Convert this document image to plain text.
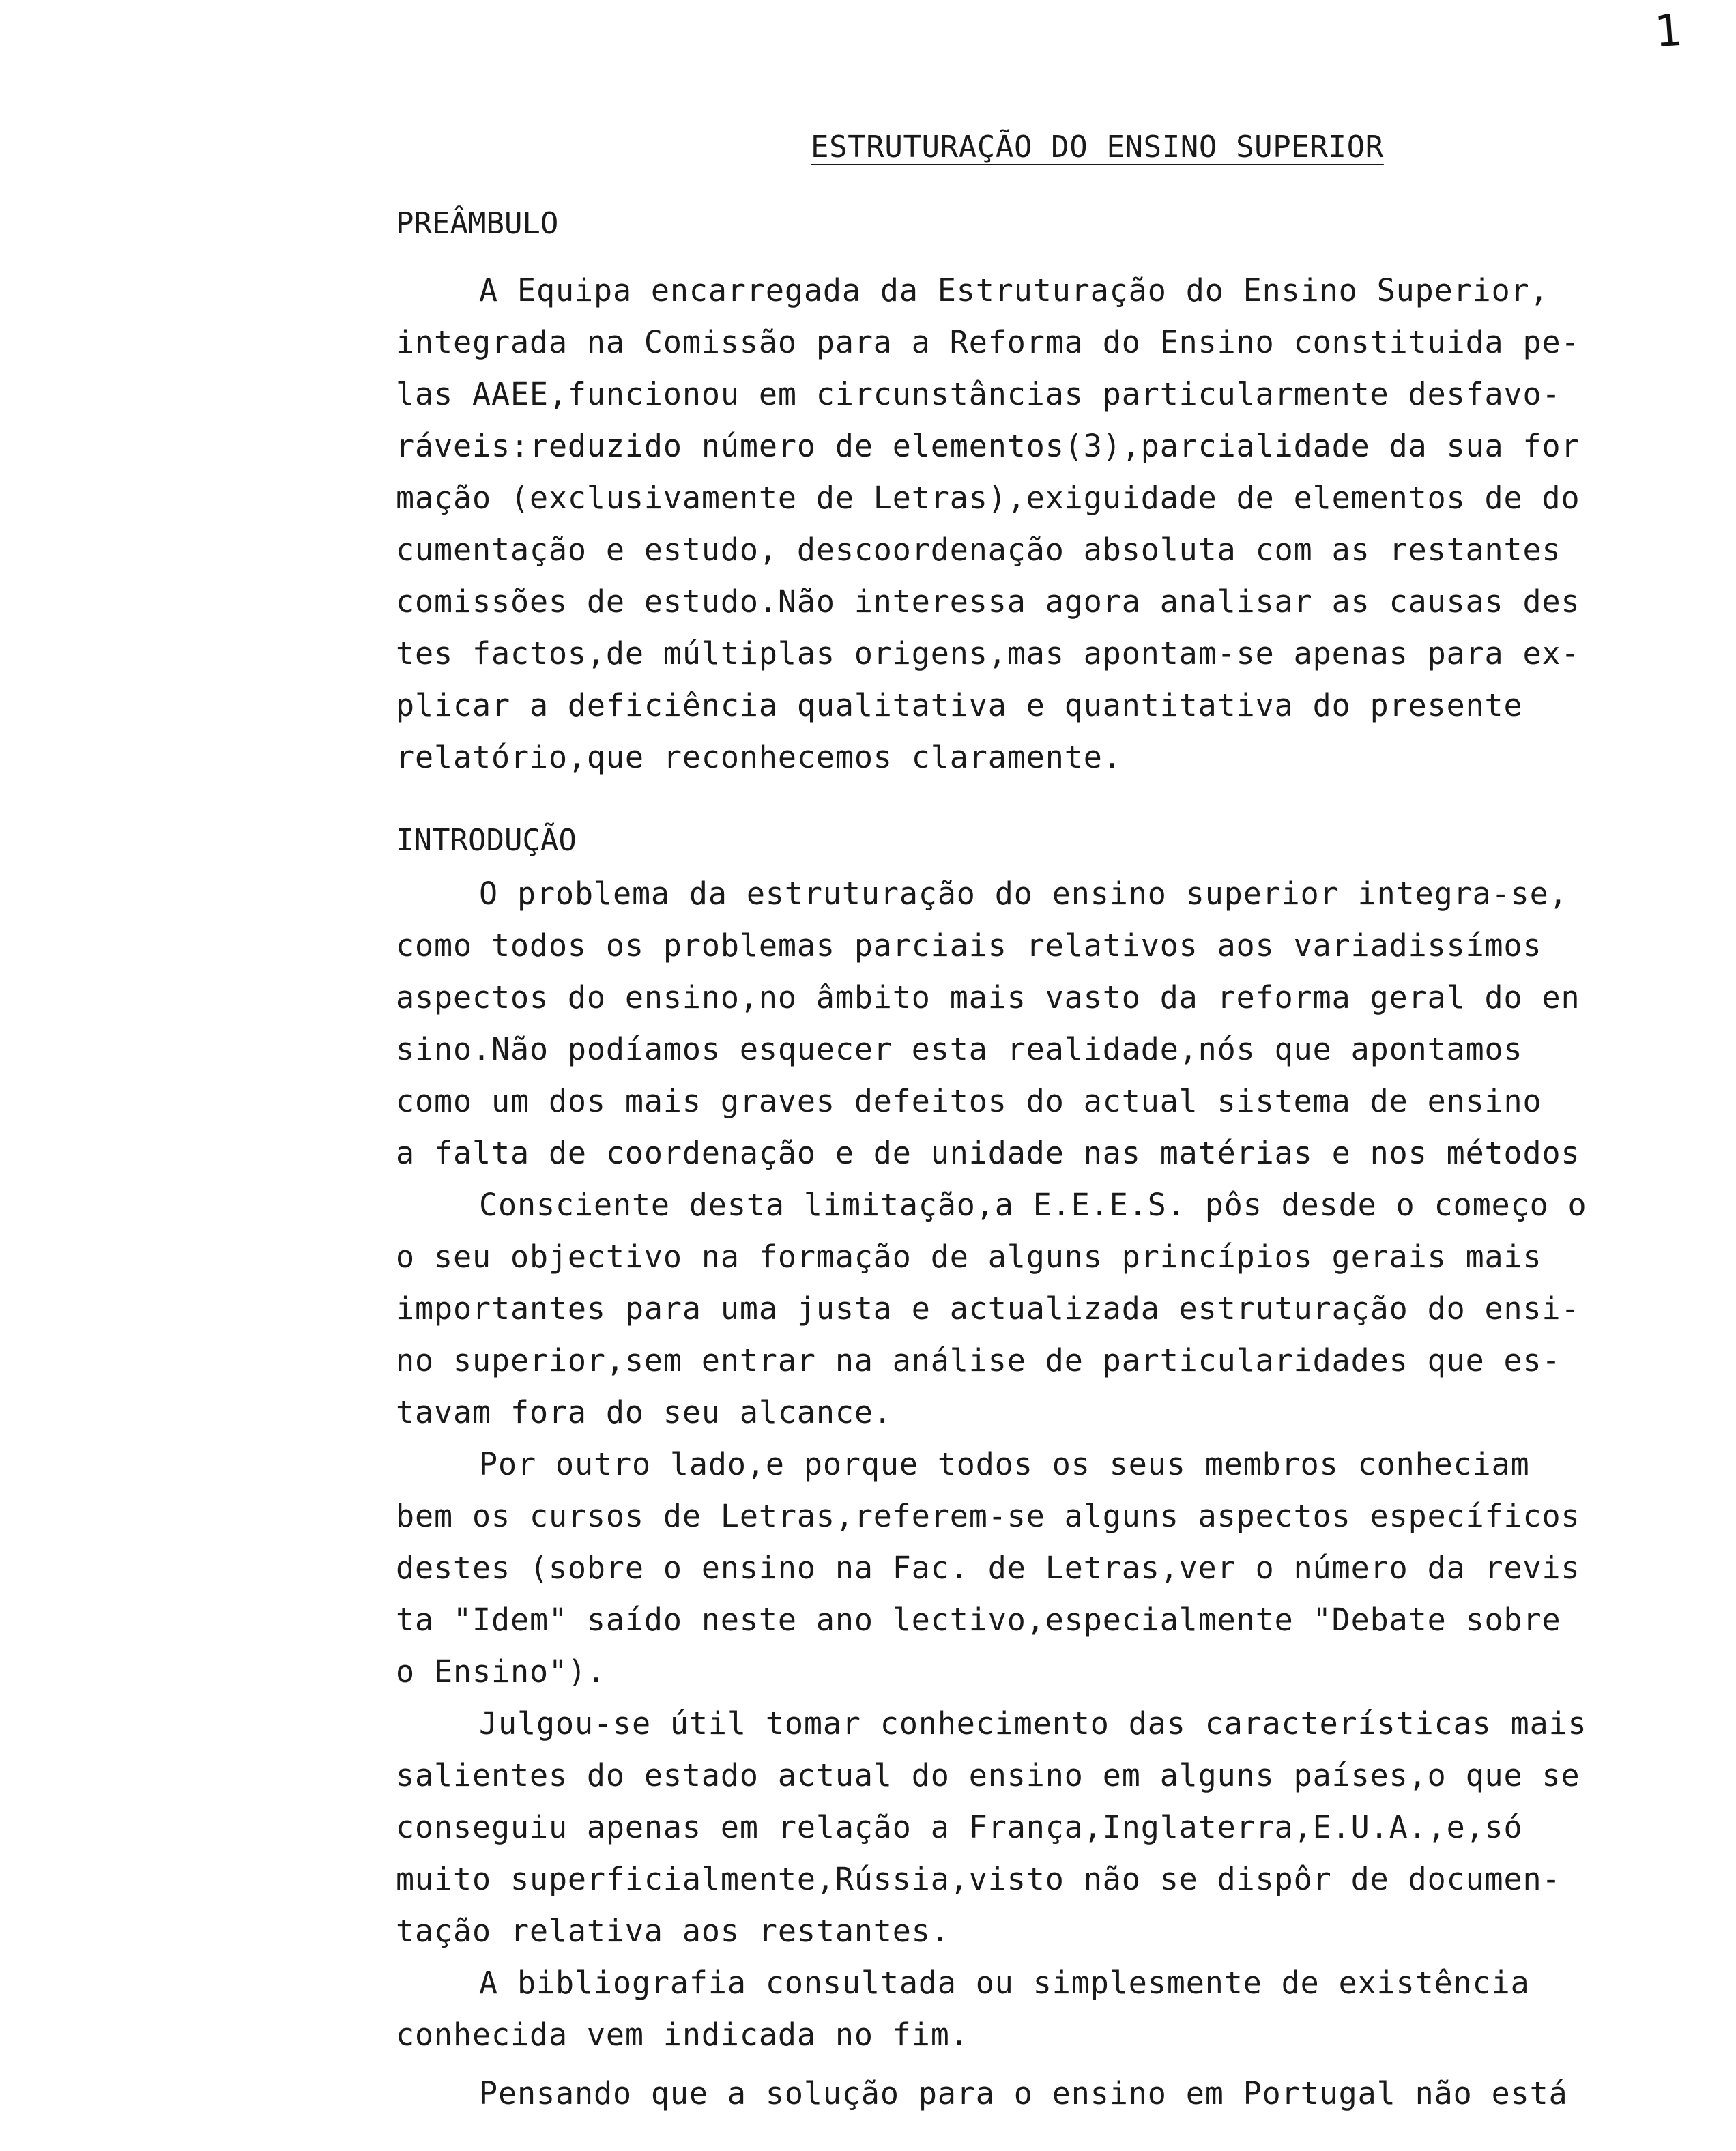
1
ESTRUTURAÇÃO DO ENSINO SUPERIOR
PREÂMBULO
A Equipa encarregada da Estruturação do Ensino Superior,
integrada na Comissão para a Reforma do Ensino constituida pe-
las AAEE,funcionou em circunstâncias particularmente desfavo-
ráveis:reduzido número de elementos(3),parcialidade da sua for
mação (exclusivamente de Letras),exiguidade de elementos de do
cumentação e estudo, descoordenação absoluta com as restantes
comissões de estudo.Não interessa agora analisar as causas des
tes factos,de múltiplas origens,mas apontam-se apenas para ex-
plicar a deficiência qualitativa e quantitativa do presente
relatório,que reconhecemos claramente.
INTRODUÇÃO
O problema da estruturação do ensino superior integra-se,
como todos os problemas parciais relativos aos variadissímos
aspectos do ensino,no âmbito mais vasto da reforma geral do en
sino.Não podíamos esquecer esta realidade,nós que apontamos
como um dos mais graves defeitos do actual sistema de ensino
a falta de coordenação e de unidade nas matérias e nos métodos
Consciente desta limitação,a E.E.E.S. pôs desde o começo o
o seu objectivo na formação de alguns princípios gerais mais
importantes para uma justa e actualizada estruturação do ensi-
no superior,sem entrar na análise de particularidades que es-
tavam fora do seu alcance.
Por outro lado,e porque todos os seus membros conheciam
bem os cursos de Letras,referem-se alguns aspectos específicos
destes (sobre o ensino na Fac. de Letras,ver o número da revis
ta "Idem" saído neste ano lectivo,especialmente "Debate sobre
o Ensino").
Julgou-se útil tomar conhecimento das características mais
salientes do estado actual do ensino em alguns países,o que se
conseguiu apenas em relação a França,Inglaterra,E.U.A.,e,só
muito superficialmente,Rússia,visto não se dispôr de documen-
tação relativa aos restantes.
A bibliografia consultada ou simplesmente de existência
conhecida vem indicada no fim.
Pensando que a solução para o ensino em Portugal não está
